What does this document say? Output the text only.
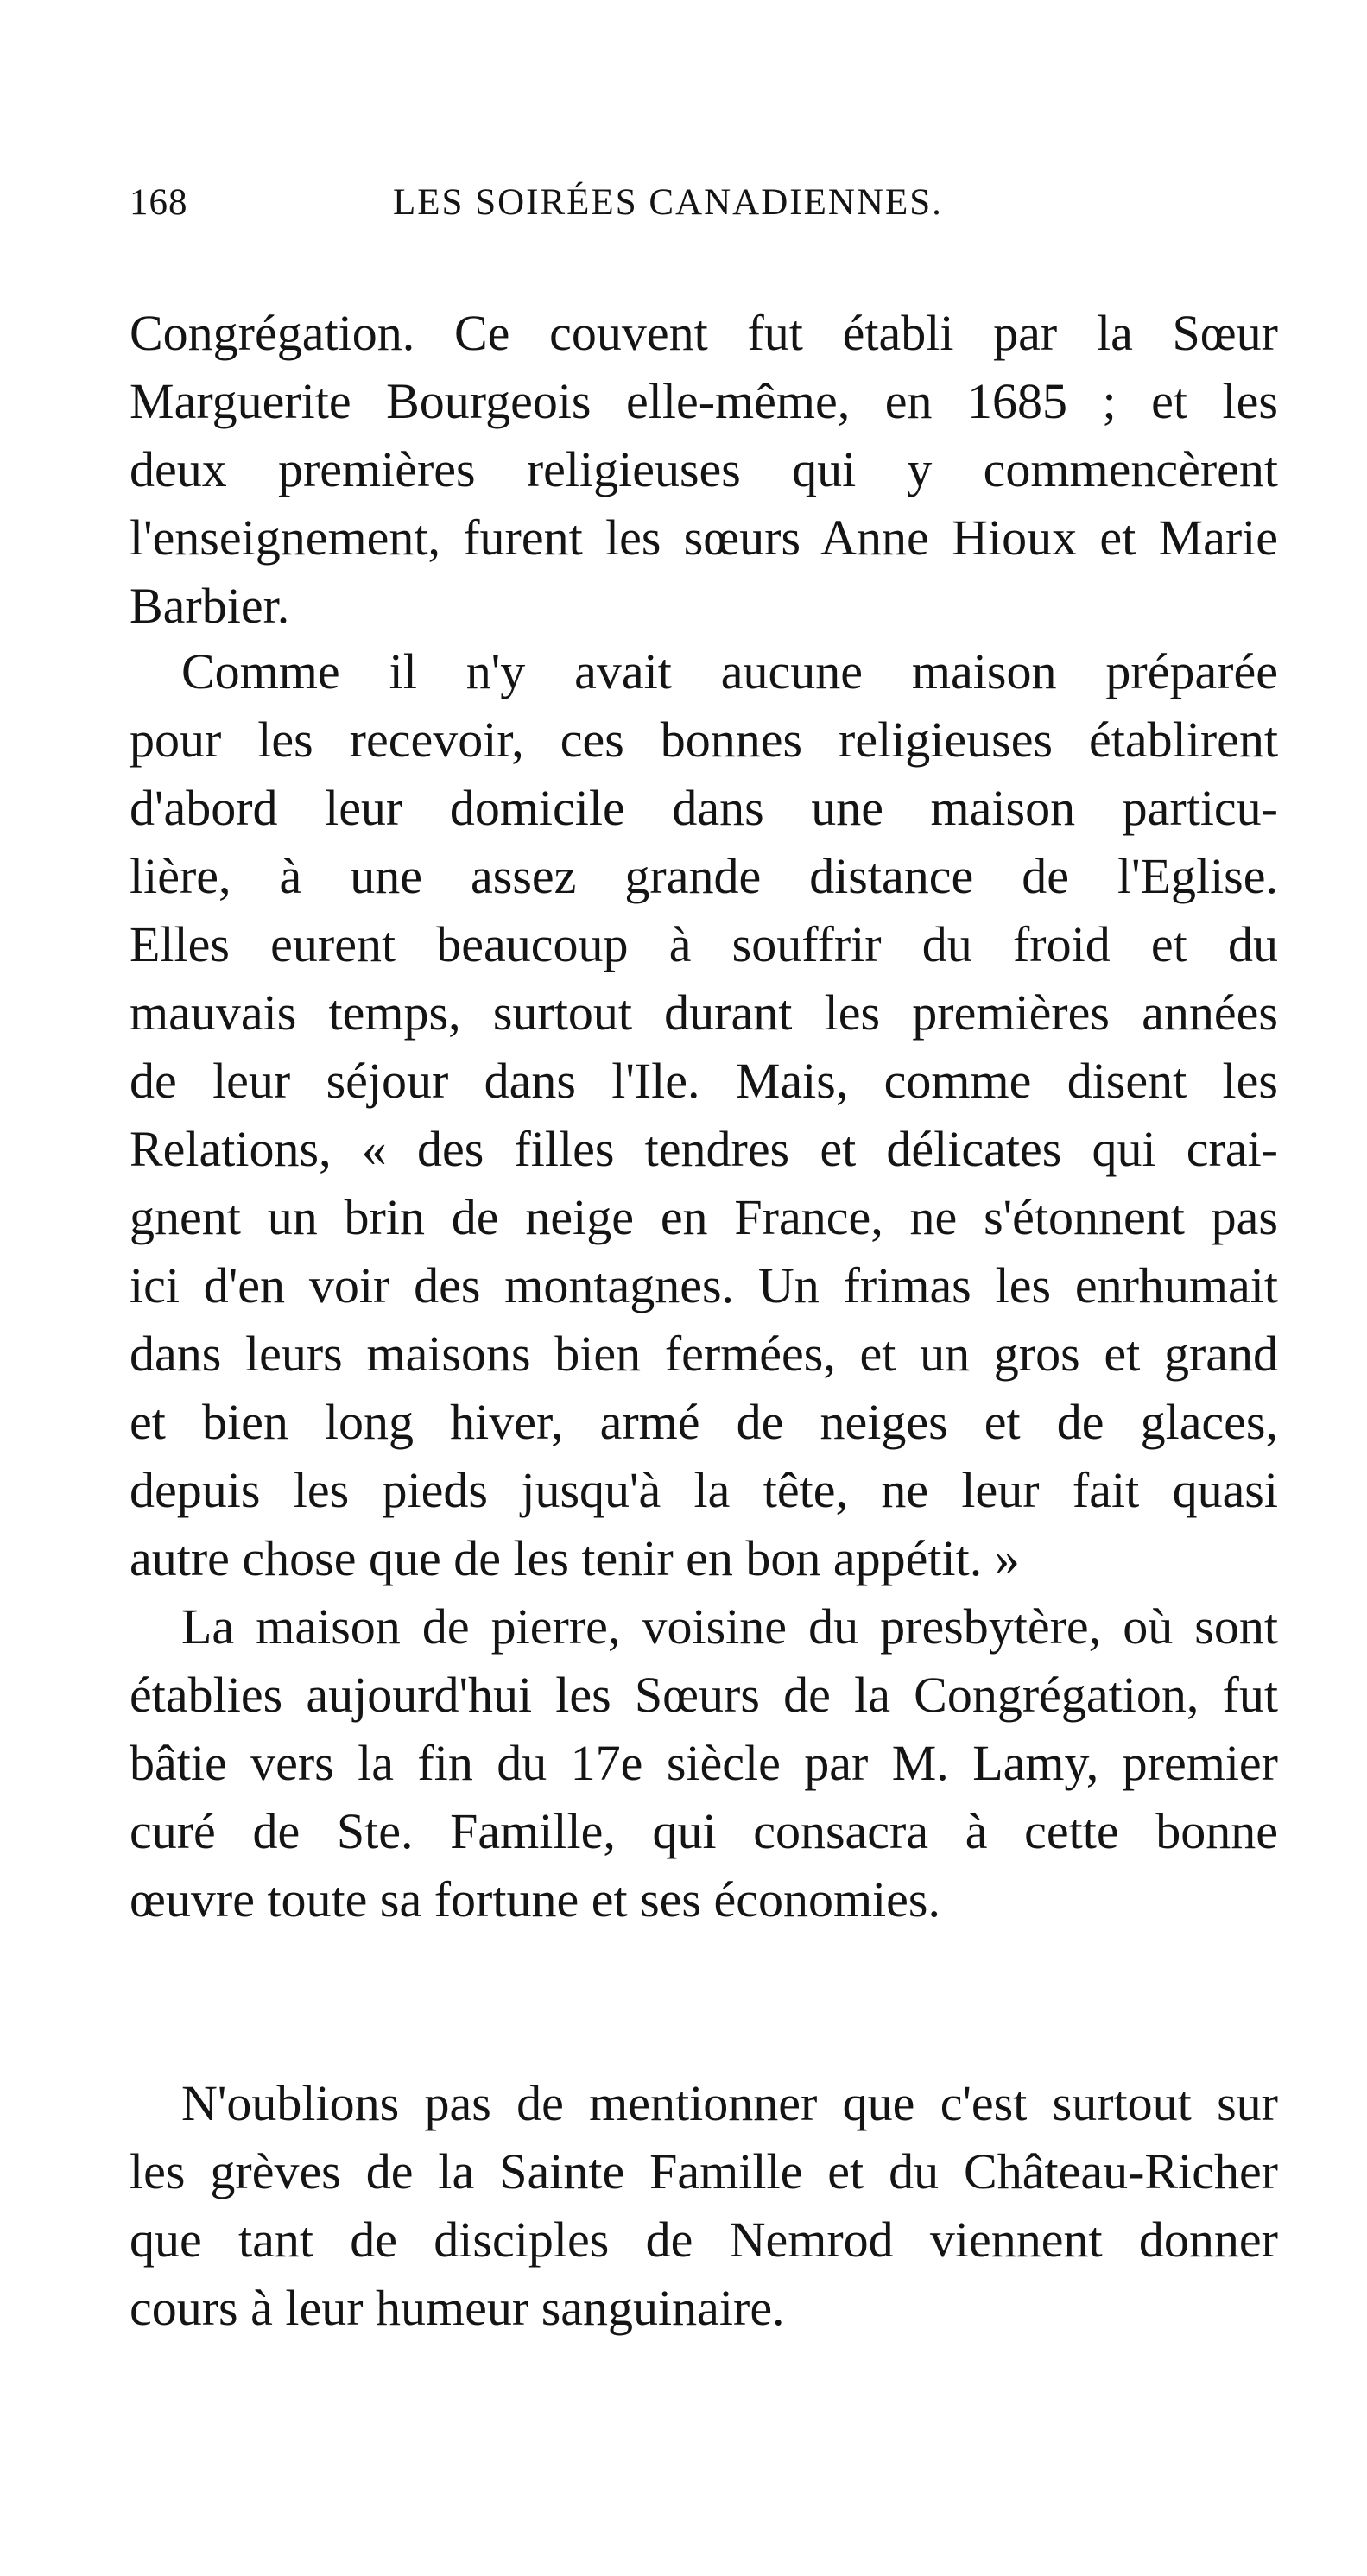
168	LES SOIRÉES CANADIENNES.

Congrégation. Ce couvent fut établi par la Sœur
Marguerite Bourgeois elle-même, en 1685 ; et les
deux premières religieuses qui y commencèrent
l'enseignement, furent les sœurs Anne Hioux et Marie
Barbier.

Comme il n'y avait aucune maison préparée
pour les recevoir, ces bonnes religieuses établirent
d'abord leur domicile dans une maison particu-
lière, à une assez grande distance de l'Eglise.
Elles eurent beaucoup à souffrir du froid et du
mauvais temps, surtout durant les premières années
de leur séjour dans l'Ile. Mais, comme disent les
Relations, « des filles tendres et délicates qui crai-
gnent un brin de neige en France, ne s'étonnent pas
ici d'en voir des montagnes. Un frimas les enrhumait
dans leurs maisons bien fermées, et un gros et grand
et bien long hiver, armé de neiges et de glaces,
depuis les pieds jusqu'à la tête, ne leur fait quasi
autre chose que de les tenir en bon appétit. »

La maison de pierre, voisine du presbytère, où sont
établies aujourd'hui les Sœurs de la Congrégation, fut
bâtie vers la fin du 17e siècle par M. Lamy, premier
curé de Ste. Famille, qui consacra à cette bonne
œuvre toute sa fortune et ses économies.

N'oublions pas de mentionner que c'est surtout sur
les grèves de la Sainte Famille et du Château-Richer
que tant de disciples de Nemrod viennent donner
cours à leur humeur sanguinaire.
